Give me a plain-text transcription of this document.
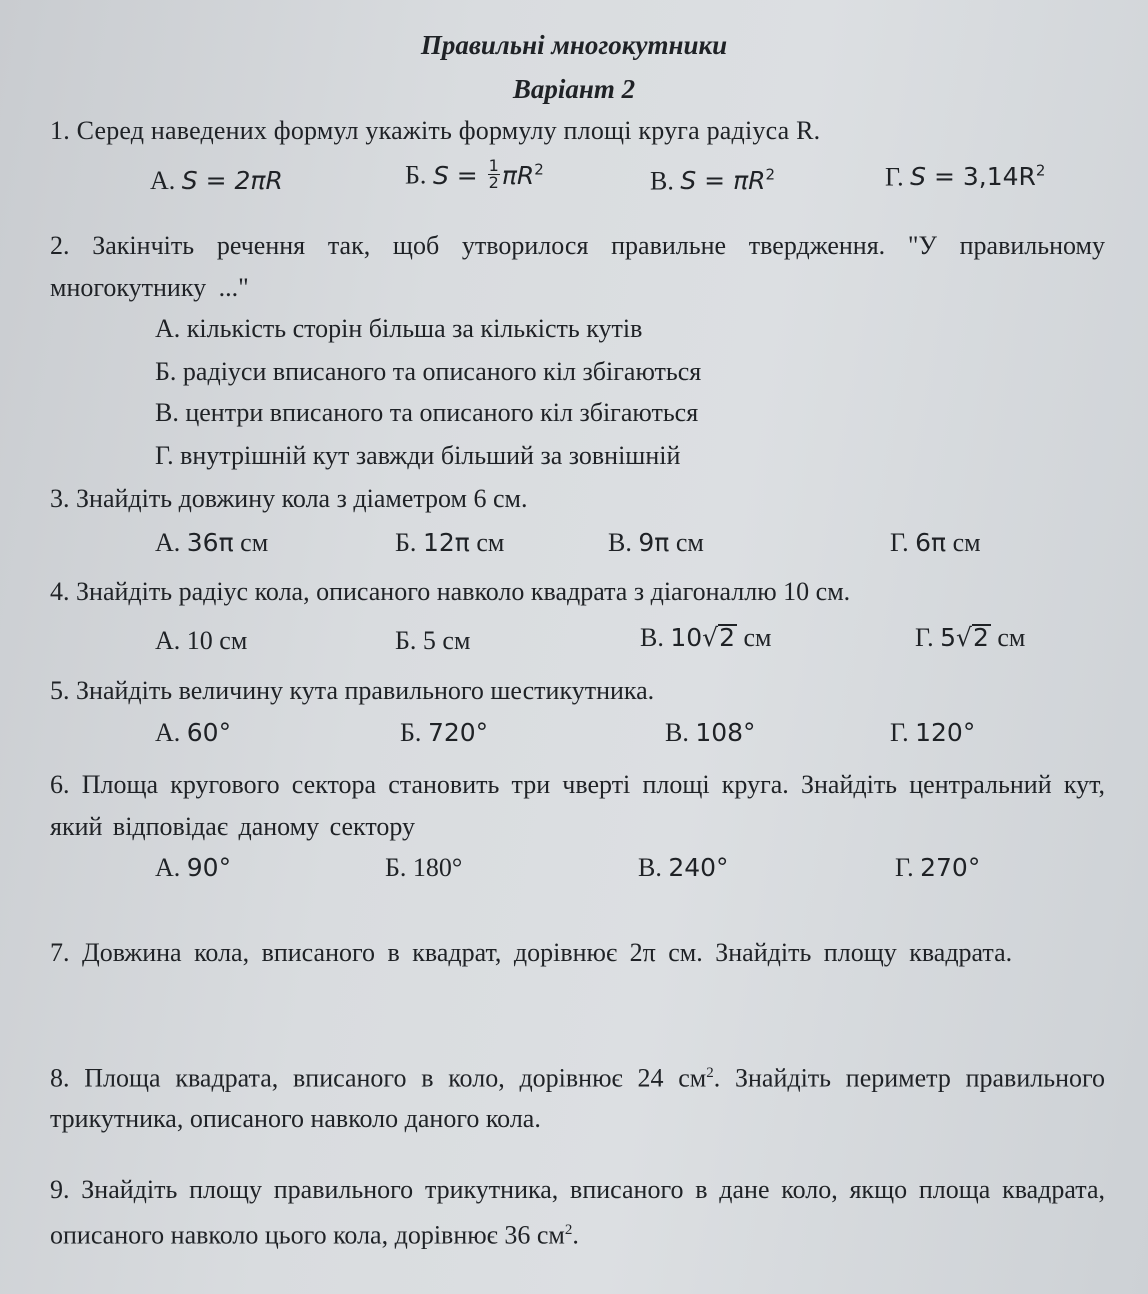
Правильні многокутники
Варіант 2
1. Серед наведених формул укажіть формулу площі круга радіуса R.
А. S = 2πR	Б. $S = \frac{1}{2} \pi R^2$	В. $S = \pi R^2$	Г. $S = 3,14R^2$
2. Закінчіть речення так, щоб утворилося правильне твердження. "У правильному многокутнику ..."
А. кількість сторін більша за кількість кутів
Б. радіуси вписаного та описаного кіл збігаються
В. центри вписаного та описаного кіл збігаються
Г. внутрішній кут завжди більший за зовнішній
3. Знайдіть довжину кола з діаметром 6 см.
А. 36π см	Б. 12π см	В. 9π см	Г. 6π см
4. Знайдіть радіус кола, описаного навколо квадрата з діагоналлю 10 см.
А. 10 см	Б. 5 см	В. 10√2 см	Г. 5√2 см
5. Знайдіть величину кута правильного шестикутника.
А. 60°	Б. 720°	В. 108°	Г. 120°
6. Площа кругового сектора становить три чверті площі круга. Знайдіть центральний кут, який відповідає даному сектору
А. 90°	Б. 180°	В. 240°	Г. 270°
7. Довжина кола, вписаного в квадрат, дорівнює 2π см. Знайдіть площу квадрата.
8. Площа квадрата, вписаного в коло, дорівнює 24 $см^2$. Знайдіть периметр правильного трикутника, описаного навколо даного кола.
9. Знайдіть площу правильного трикутника, вписаного в дане коло, якщо площа квадрата, описаного навколо цього кола, дорівнює 36 $см^2$.
